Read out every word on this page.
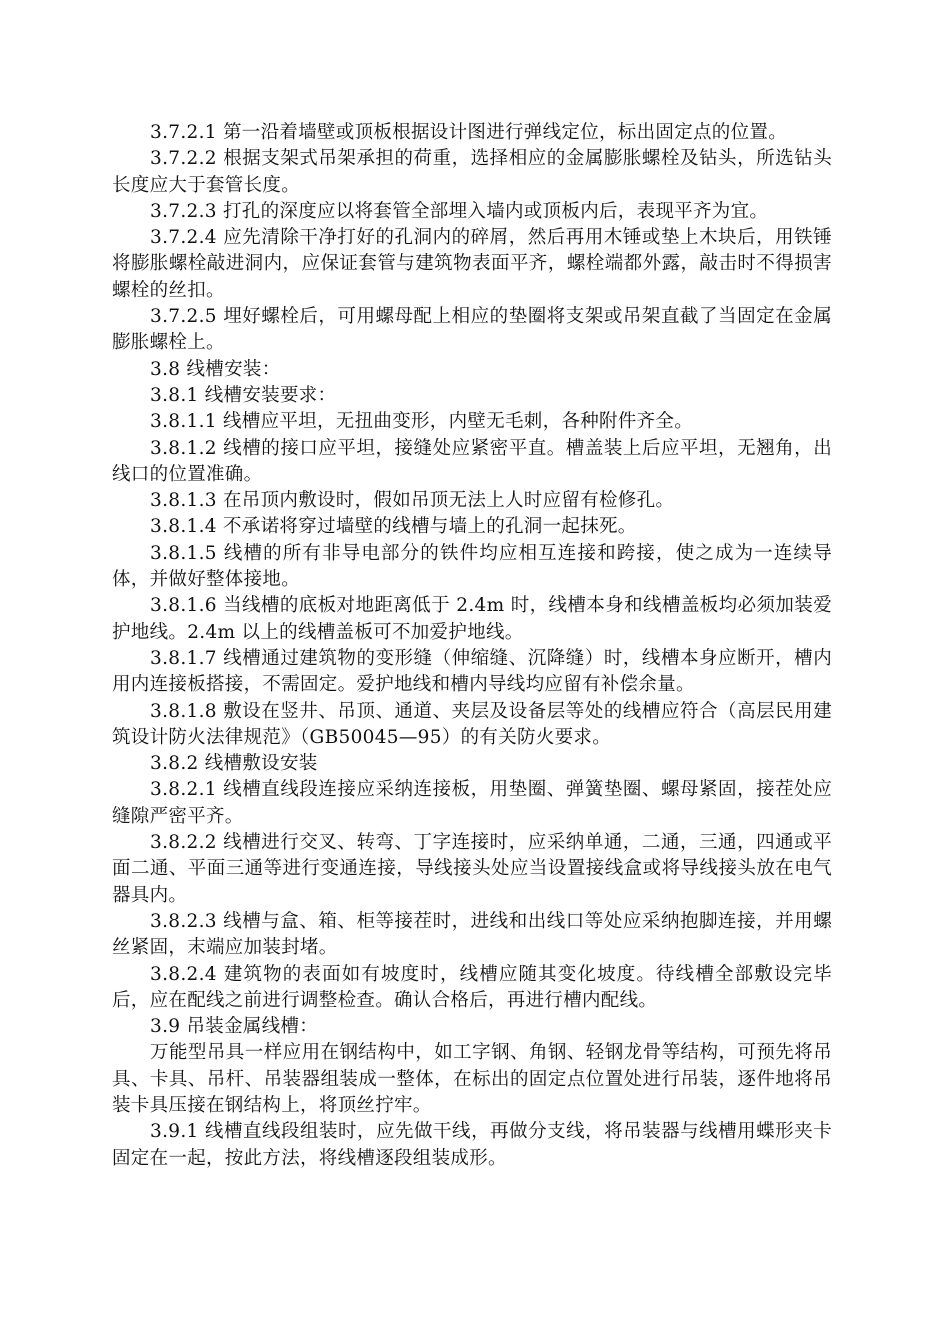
3.7.2.1 第一沿着墙壁或顶板根据设计图进行弹线定位，标出固定点的位置。

3.7.2.2 根据支架式吊架承担的荷重，选择相应的金属膨胀螺栓及钻头，所选钻头长度应大于套管长度。

3.7.2.3 打孔的深度应以将套管全部埋入墙内或顶板内后，表现平齐为宜。

3.7.2.4 应先清除干净打好的孔洞内的碎屑，然后再用木锤或垫上木块后，用铁锤将膨胀螺栓敲进洞内，应保证套管与建筑物表面平齐，螺栓端都外露，敲击时不得损害螺栓的丝扣。

3.7.2.5 埋好螺栓后，可用螺母配上相应的垫圈将支架或吊架直截了当固定在金属膨胀螺栓上。

3.8 线槽安装：

3.8.1 线槽安装要求：

3.8.1.1 线槽应平坦，无扭曲变形，内壁无毛刺，各种附件齐全。

3.8.1.2 线槽的接口应平坦，接缝处应紧密平直。槽盖装上后应平坦，无翘角，出线口的位置准确。

3.8.1.3 在吊顶内敷设时，假如吊顶无法上人时应留有检修孔。

3.8.1.4 不承诺将穿过墙壁的线槽与墙上的孔洞一起抹死。

3.8.1.5 线槽的所有非导电部分的铁件均应相互连接和跨接，使之成为一连续导体，并做好整体接地。

3.8.1.6 当线槽的底板对地距离低于 2.4m 时，线槽本身和线槽盖板均必须加装爱护地线。2.4m 以上的线槽盖板可不加爱护地线。

3.8.1.7 线槽通过建筑物的变形缝（伸缩缝、沉降缝）时，线槽本身应断开，槽内用内连接板搭接，不需固定。爱护地线和槽内导线均应留有补偿余量。

3.8.1.8 敷设在竖井、吊顶、通道、夹层及设备层等处的线槽应符合（高层民用建筑设计防火法律规范》（GB50045—95）的有关防火要求。

3.8.2 线槽敷设安装

3.8.2.1 线槽直线段连接应采纳连接板，用垫圈、弹簧垫圈、螺母紧固，接茬处应缝隙严密平齐。

3.8.2.2 线槽进行交叉、转弯、丁字连接时，应采纳单通，二通，三通，四通或平面二通、平面三通等进行变通连接，导线接头处应当设置接线盒或将导线接头放在电气器具内。

3.8.2.3 线槽与盒、箱、柜等接茬时，进线和出线口等处应采纳抱脚连接，并用螺丝紧固，末端应加装封堵。

3.8.2.4 建筑物的表面如有坡度时，线槽应随其变化坡度。待线槽全部敷设完毕后，应在配线之前进行调整检查。确认合格后，再进行槽内配线。

3.9 吊装金属线槽：

万能型吊具一样应用在钢结构中，如工字钢、角钢、轻钢龙骨等结构，可预先将吊具、卡具、吊杆、吊装器组装成一整体，在标出的固定点位置处进行吊装，逐件地将吊装卡具压接在钢结构上，将顶丝拧牢。

3.9.1 线槽直线段组装时，应先做干线，再做分支线，将吊装器与线槽用蝶形夹卡固定在一起，按此方法，将线槽逐段组装成形。
